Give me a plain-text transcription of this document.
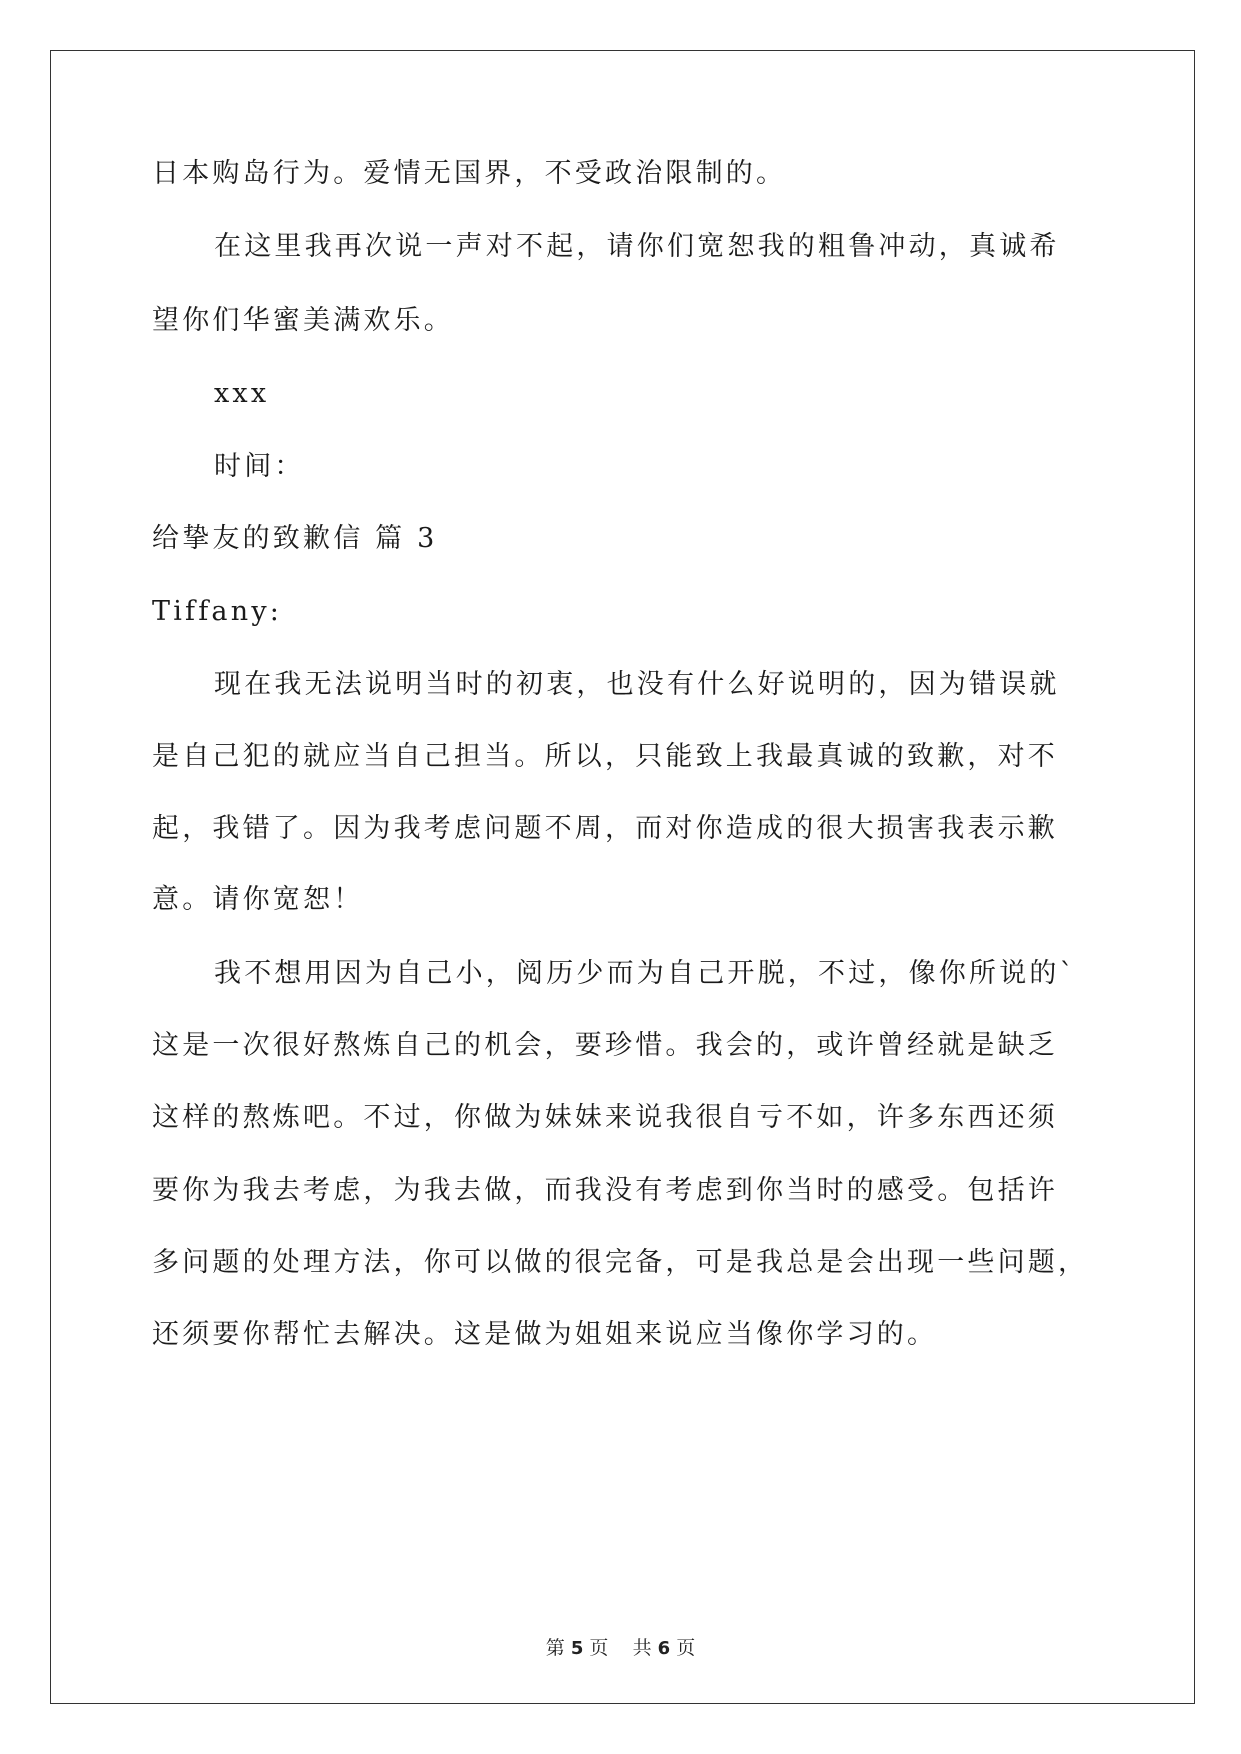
日本购岛行为。爱情无国界，不受政治限制的。
在这里我再次说一声对不起，请你们宽恕我的粗鲁冲动，真诚希
望你们华蜜美满欢乐。
xxx
时间：
给挚友的致歉信 篇 3
Tiffany:
现在我无法说明当时的初衷，也没有什么好说明的，因为错误就
是自己犯的就应当自己担当。所以，只能致上我最真诚的致歉，对不
起，我错了。因为我考虑问题不周，而对你造成的很大损害我表示歉
意。请你宽恕！
我不想用因为自己小，阅历少而为自己开脱，不过，像你所说的`
这是一次很好熬炼自己的机会，要珍惜。我会的，或许曾经就是缺乏
这样的熬炼吧。不过，你做为妹妹来说我很自亏不如，许多东西还须
要你为我去考虑，为我去做，而我没有考虑到你当时的感受。包括许
多问题的处理方法，你可以做的很完备，可是我总是会出现一些问题，
还须要你帮忙去解决。这是做为姐姐来说应当像你学习的。
第 5 页 共 6 页
